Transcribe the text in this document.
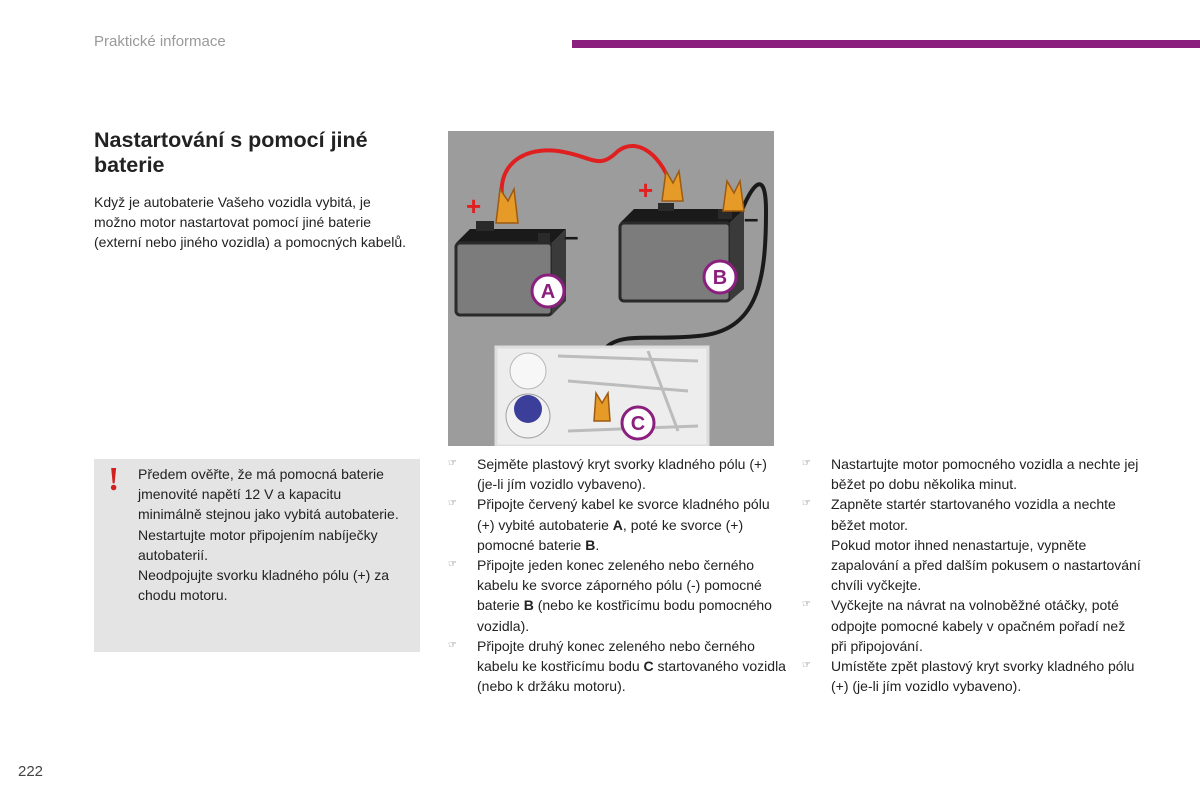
Praktické informace
Nastartování s pomocí jiné baterie
Když je autobaterie Vašeho vozidla vybitá, je možno motor nastartovat pomocí jiné baterie (externí nebo jiného vozidla) a pomocných kabelů.
! Předem ověřte, že má pomocná baterie jmenovité napětí 12 V a kapacitu minimálně stejnou jako vybitá autobaterie.

Nestartujte motor připojením nabíječky autobaterií.

Neodpojujte svorku kladného pólu (+) za chodu motoru.

+
+
–
–
A
B
C
☞ Sejměte plastový kryt svorky kladného pólu (+) (je-li jím vozidlo vybaveno).
☞ Připojte červený kabel ke svorce kladného pólu (+) vybité autobaterie A, poté ke svorce (+) pomocné baterie B.
☞ Připojte jeden konec zeleného nebo černého kabelu ke svorce záporného pólu (-) pomocné baterie B (nebo ke kostřicímu bodu pomocného vozidla).
☞ Připojte druhý konec zeleného nebo černého kabelu ke kostřicímu bodu C startovaného vozidla (nebo k držáku motoru).
☞ Nastartujte motor pomocného vozidla a nechte jej běžet po dobu několika minut.
☞ Zapněte startér startovaného vozidla a nechte běžet motor.
Pokud motor ihned nenastartuje, vypněte zapalování a před dalším pokusem o nastartování chvíli vyčkejte.
☞ Vyčkejte na návrat na volnoběžné otáčky, poté odpojte pomocné kabely v opačném pořadí než při připojování.
☞ Umístěte zpět plastový kryt svorky kladného pólu (+) (je-li jím vozidlo vybaveno).
222
